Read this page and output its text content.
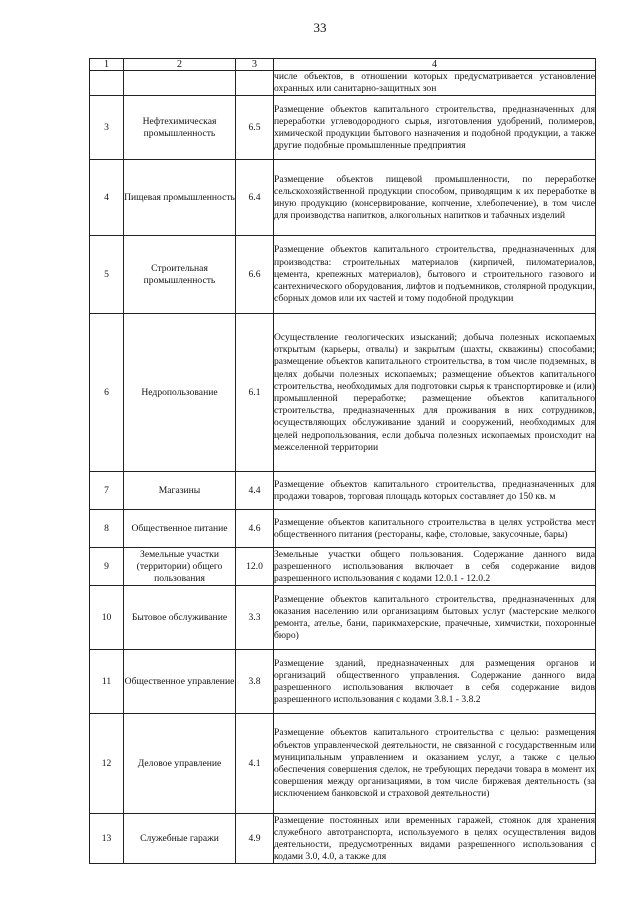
33
1	2	3	4
			числе объектов, в отношении которых предусматривается установление охранных или санитарно-защитных зон
3	Нефтехимическая промышленность	6.5	Размещение объектов капитального строительства, предназначенных для переработки углеводородного сырья, изготовления удобрений, полимеров, химической продукции бытового назначения и подобной продукции, а также другие подобные промышленные предприятия
4	Пищевая промышленность	6.4	Размещение объектов пищевой промышленности, по переработке сельскохозяйственной продукции способом, приводящим к их переработке в иную продукцию (консервирование, копчение, хлебопечение), в том числе для производства напитков, алкогольных напитков и табачных изделий
5	Строительная промышленность	6.6	Размещение объектов капитального строительства, предназначенных для производства: строительных материалов (кирпичей, пиломатериалов, цемента, крепежных материалов), бытового и строительного газового и сантехнического оборудования, лифтов и подъемников, столярной продукции, сборных домов или их частей и тому подобной продукции
6	Недропользование	6.1	Осуществление геологических изысканий; добыча полезных ископаемых открытым (карьеры, отвалы) и закрытым (шахты, скважины) способами; размещение объектов капитального строительства, в том числе подземных, в целях добычи полезных ископаемых; размещение объектов капитального строительства, необходимых для подготовки сырья к транспортировке и (или) промышленной переработке; размещение объектов капитального строительства, предназначенных для проживания в них сотрудников, осуществляющих обслуживание зданий и сооружений, необходимых для целей недропользования, если добыча полезных ископаемых происходит на межселенной территории
7	Магазины	4.4	Размещение объектов капитального строительства, предназначенных для продажи товаров, торговая площадь которых составляет до 150 кв. м
8	Общественное питание	4.6	Размещение объектов капитального строительства в целях устройства мест общественного питания (рестораны, кафе, столовые, закусочные, бары)
9	Земельные участки (территории) общего пользования	12.0	Земельные участки общего пользования. Содержание данного вида разрешенного использования включает в себя содержание видов разрешенного использования с кодами 12.0.1 - 12.0.2
10	Бытовое обслуживание	3.3	Размещение объектов капитального строительства, предназначенных для оказания населению или организациям бытовых услуг (мастерские мелкого ремонта, ателье, бани, парикмахерские, прачечные, химчистки, похоронные бюро)
11	Общественное управление	3.8	Размещение зданий, предназначенных для размещения органов и организаций общественного управления. Содержание данного вида разрешенного использования включает в себя содержание видов разрешенного использования с кодами 3.8.1 - 3.8.2
12	Деловое управление	4.1	Размещение объектов капитального строительства с целью: размещения объектов управленческой деятельности, не связанной с государственным или муниципальным управлением и оказанием услуг, а также с целью обеспечения совершения сделок, не требующих передачи товара в момент их совершения между организациями, в том числе биржевая деятельность (за исключением банковской и страховой деятельности)
13	Служебные гаражи	4.9	Размещение постоянных или временных гаражей, стоянок для хранения служебного автотранспорта, используемого в целях осуществления видов деятельности, предусмотренных видами разрешенного использования с кодами 3.0, 4.0, а также для
